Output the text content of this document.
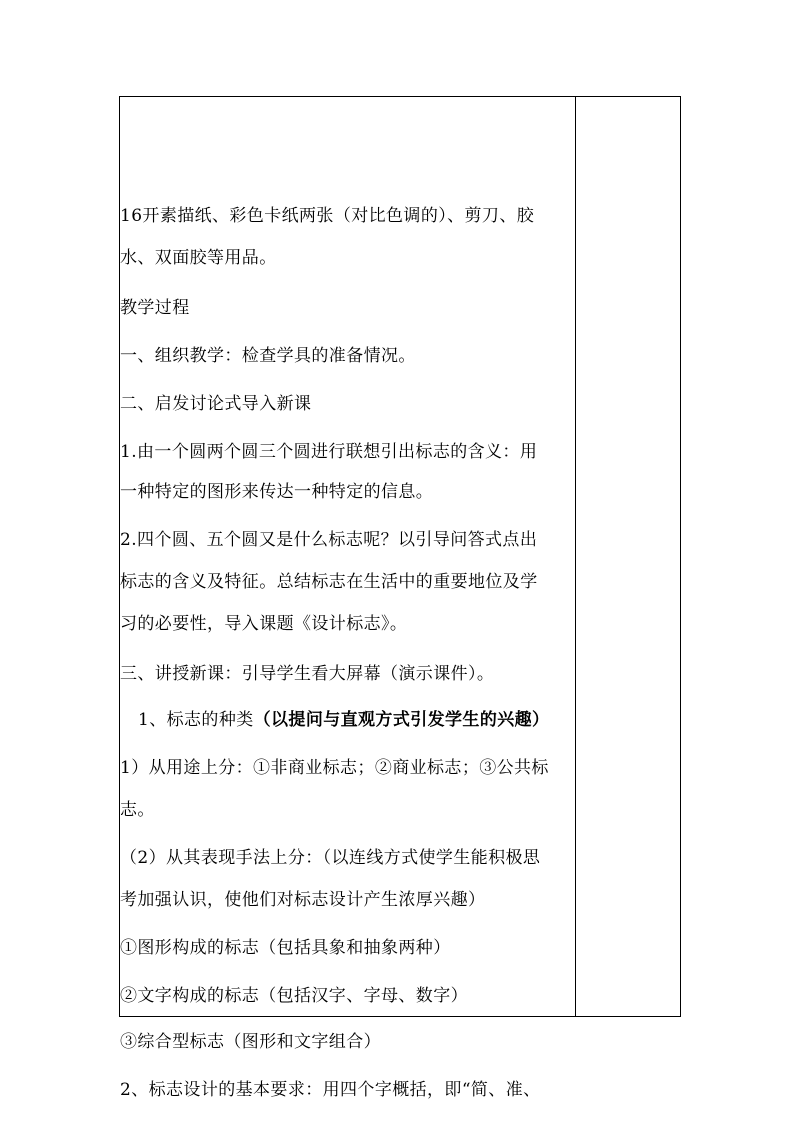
16开素描纸、彩色卡纸两张（对比色调的）、剪刀、胶
水、双面胶等用品。
教学过程
一、组织教学：检查学具的准备情况。
二、启发讨论式导入新课
1.由一个圆两个圆三个圆进行联想引出标志的含义：用
一种特定的图形来传达一种特定的信息。
2.四个圆、五个圆又是什么标志呢？以引导问答式点出
标志的含义及特征。总结标志在生活中的重要地位及学
习的必要性，导入课题《设计标志》。
三、讲授新课：引导学生看大屏幕（演示课件）。
1、标志的种类（以提问与直观方式引发学生的兴趣）
1）从用途上分：①非商业标志；②商业标志；③公共标
志。
（2）从其表现手法上分：（以连线方式使学生能积极思
考加强认识，使他们对标志设计产生浓厚兴趣）
①图形构成的标志（包括具象和抽象两种）
②文字构成的标志（包括汉字、字母、数字）
③综合型标志（图形和文字组合）
2、标志设计的基本要求：用四个字概括，即“简、准、
